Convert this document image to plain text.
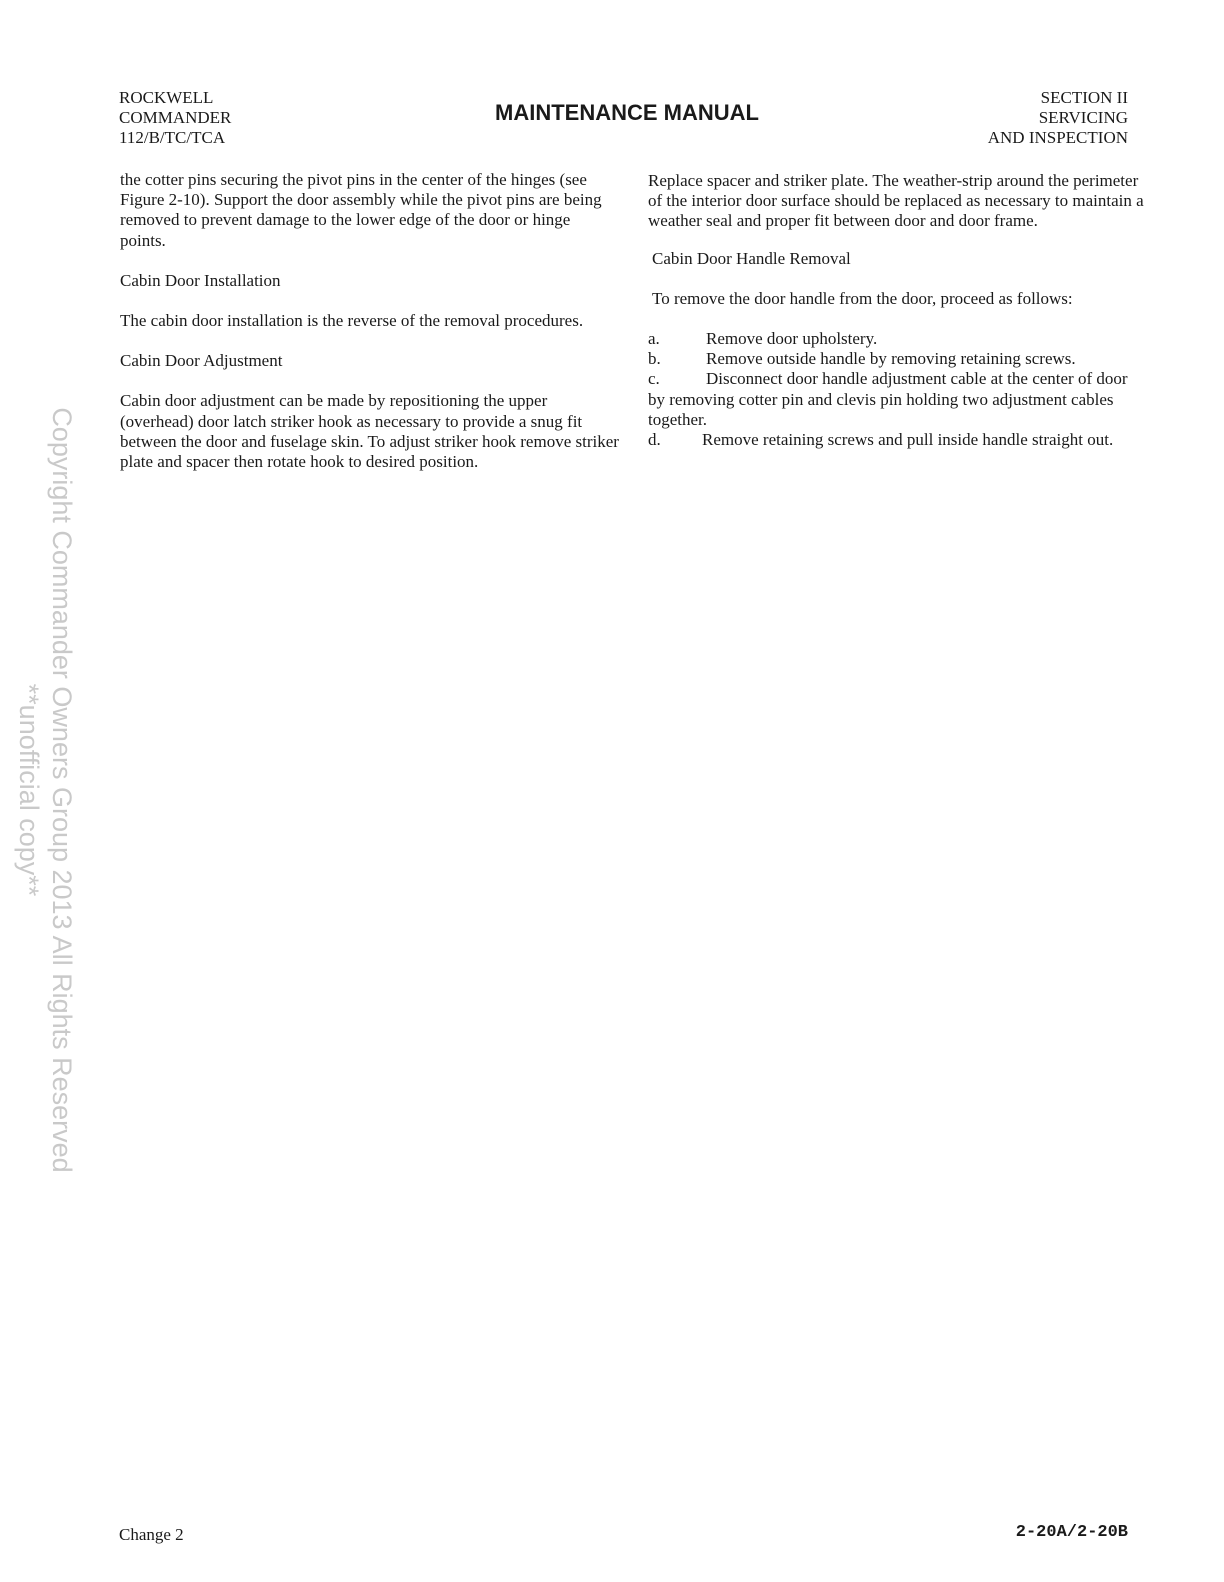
ROCKWELL
COMMANDER
112/B/TC/TCA
MAINTENANCE MANUAL
SECTION II
SERVICING
AND INSPECTION

the cotter pins securing the pivot pins in the center of the hinges (see Figure 2-10). Support the door assembly while the pivot pins are being removed to prevent damage to the lower edge of the door or hinge points.

Cabin Door Installation

The cabin door installation is the reverse of the removal procedures.

Cabin Door Adjustment

Cabin door adjustment can be made by repositioning the upper (overhead) door latch striker hook as necessary to provide a snug fit between the door and fuselage skin. To adjust striker hook remove striker plate and spacer then rotate hook to desired position.

Replace spacer and striker plate. The weather-strip around the perimeter of the interior door surface should be replaced as necessary to maintain a weather seal and proper fit between door and door frame.

Cabin Door Handle Removal

To remove the door handle from the door, proceed as follows:

a.	Remove door upholstery.

b.	Remove outside handle by removing retaining screws.

c.	Disconnect door handle adjustment cable at the center of door by removing cotter pin and clevis pin holding two adjustment cables together.

d. Remove retaining screws and pull inside handle straight out.

Copyright Commander Owners Group 2013 All Rights Reserved
**unofficial copy**
Change 2	2-20A/2-20B
